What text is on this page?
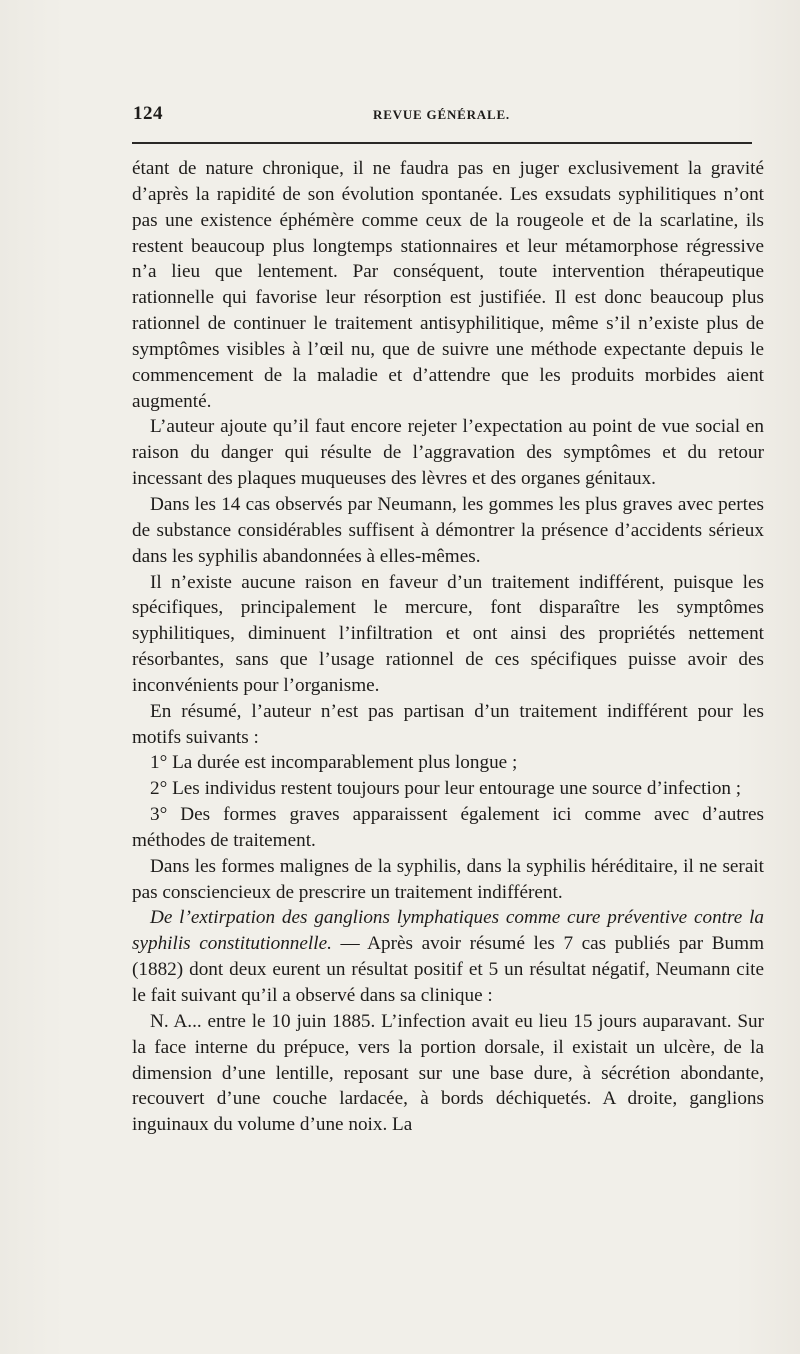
124	REVUE GÉNÉRALE.

étant de nature chronique, il ne faudra pas en juger exclusivement la gravité d’après la rapidité de son évolution spontanée. Les exsudats syphilitiques n’ont pas une existence éphémère comme ceux de la rougeole et de la scarlatine, ils restent beaucoup plus longtemps stationnaires et leur métamorphose régressive n’a lieu que lentement. Par conséquent, toute intervention thérapeutique rationnelle qui favorise leur résorption est justifiée. Il est donc beaucoup plus rationnel de continuer le traitement antisyphilitique, même s’il n’existe plus de symptômes visibles à l’œil nu, que de suivre une méthode expectante depuis le commencement de la maladie et d’attendre que les produits morbides aient augmenté.

L’auteur ajoute qu’il faut encore rejeter l’expectation au point de vue social en raison du danger qui résulte de l’aggravation des symptômes et du retour incessant des plaques muqueuses des lèvres et des organes génitaux.

Dans les 14 cas observés par Neumann, les gommes les plus graves avec pertes de substance considérables suffisent à démontrer la présence d’accidents sérieux dans les syphilis abandonnées à elles-mêmes.

Il n’existe aucune raison en faveur d’un traitement indifférent, puisque les spécifiques, principalement le mercure, font disparaître les symptômes syphilitiques, diminuent l’infiltration et ont ainsi des propriétés nettement résorbantes, sans que l’usage rationnel de ces spécifiques puisse avoir des inconvénients pour l’organisme.

En résumé, l’auteur n’est pas partisan d’un traitement indifférent pour les motifs suivants :

1° La durée est incomparablement plus longue ;

2° Les individus restent toujours pour leur entourage une source d’infection ;

3° Des formes graves apparaissent également ici comme avec d’autres méthodes de traitement.

Dans les formes malignes de la syphilis, dans la syphilis héréditaire, il ne serait pas consciencieux de prescrire un traitement indifférent.

De l’extirpation des ganglions lymphatiques comme cure préventive contre la syphilis constitutionnelle. — Après avoir résumé les 7 cas publiés par Bumm (1882) dont deux eurent un résultat positif et 5 un résultat négatif, Neumann cite le fait suivant qu’il a observé dans sa clinique :

N. A... entre le 10 juin 1885. L’infection avait eu lieu 15 jours auparavant. Sur la face interne du prépuce, vers la portion dorsale, il existait un ulcère, de la dimension d’une lentille, reposant sur une base dure, à sécrétion abondante, recouvert d’une couche lardacée, à bords déchiquetés. A droite, ganglions inguinaux du volume d’une noix. La
